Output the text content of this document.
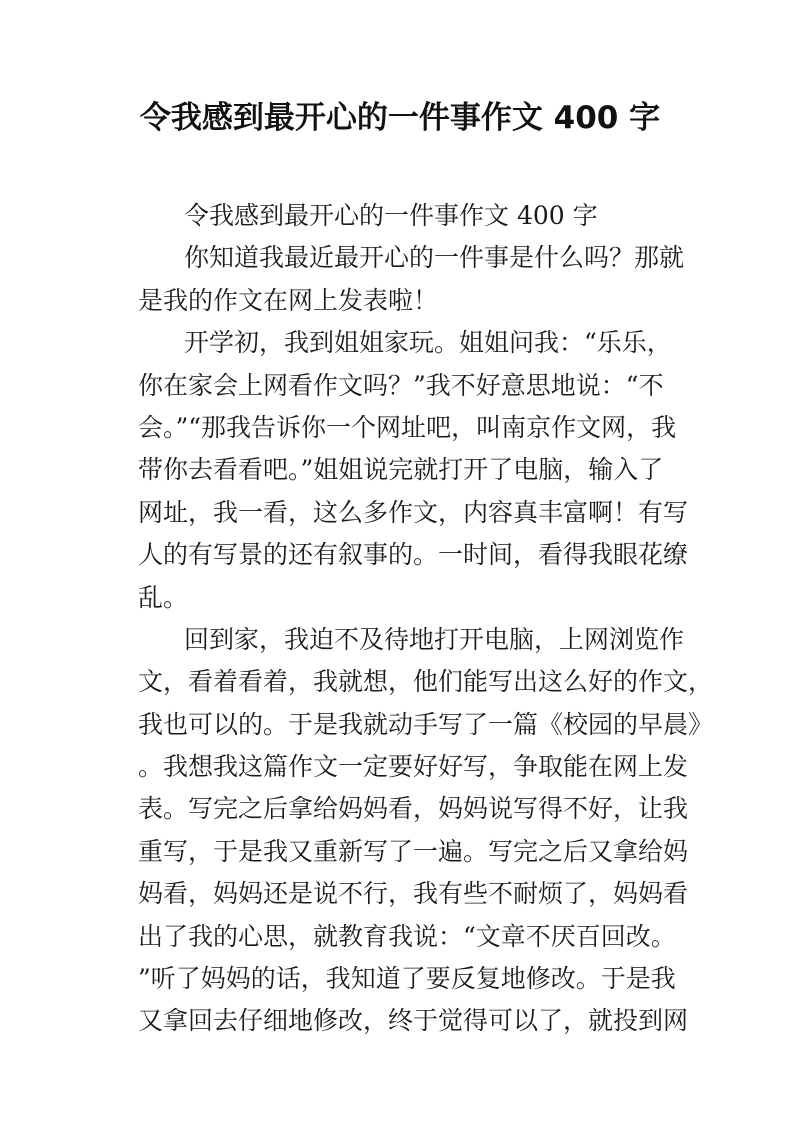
令我感到最开心的一件事作文 400 字
令我感到最开心的一件事作文 400 字
你知道我最近最开心的一件事是什么吗？那就
是我的作文在网上发表啦！
开学初，我到姐姐家玩。姐姐问我：“乐乐，
你在家会上网看作文吗？”我不好意思地说：“不
会。”“那我告诉你一个网址吧，叫南京作文网，我
带你去看看吧。”姐姐说完就打开了电脑，输入了
网址，我一看，这么多作文，内容真丰富啊！有写
人的有写景的还有叙事的。一时间，看得我眼花缭
乱。
回到家，我迫不及待地打开电脑，上网浏览作
文，看着看着，我就想，他们能写出这么好的作文，
我也可以的。于是我就动手写了一篇《校园的早晨》
。我想我这篇作文一定要好好写，争取能在网上发
表。写完之后拿给妈妈看，妈妈说写得不好，让我
重写，于是我又重新写了一遍。写完之后又拿给妈
妈看，妈妈还是说不行，我有些不耐烦了，妈妈看
出了我的心思，就教育我说：“文章不厌百回改。
”听了妈妈的话，我知道了要反复地修改。于是我
又拿回去仔细地修改，终于觉得可以了，就投到网
